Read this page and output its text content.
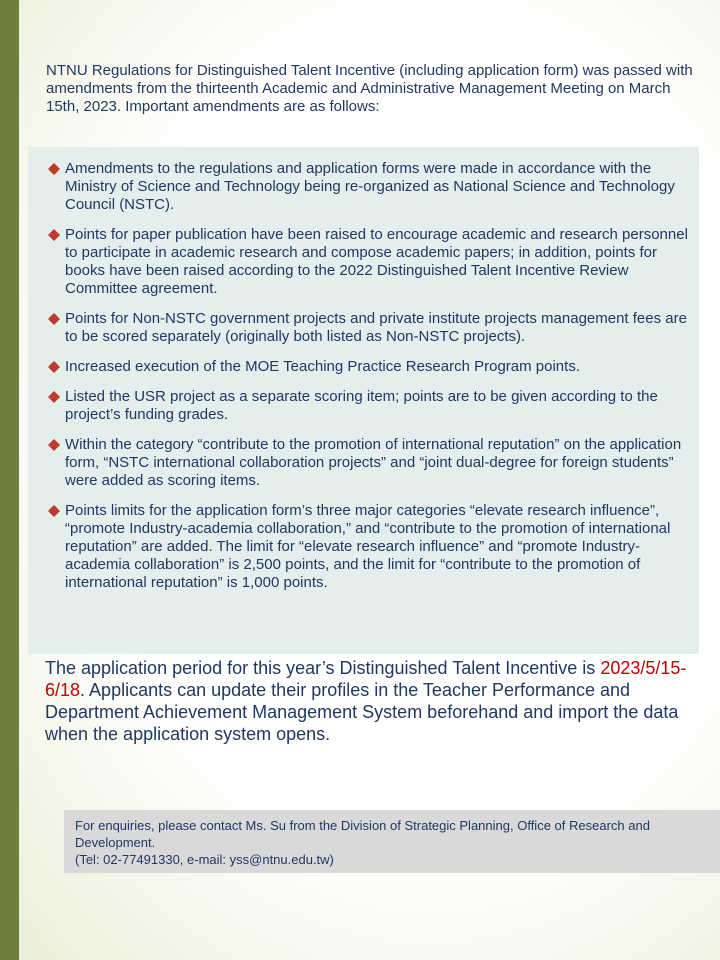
NTNU Regulations for Distinguished Talent Incentive (including application form) was passed with amendments from the thirteenth Academic and Administrative Management Meeting on March 15th, 2023. Important amendments are as follows:

Amendments to the regulations and application forms were made in accordance with the Ministry of Science and Technology being re-organized as National Science and Technology Council (NSTC).
Points for paper publication have been raised to encourage academic and research personnel to participate in academic research and compose academic papers; in addition, points for books have been raised according to the 2022 Distinguished Talent Incentive Review Committee agreement.
Points for Non-NSTC government projects and private institute projects management fees are to be scored separately (originally both listed as Non-NSTC projects).
Increased execution of the MOE Teaching Practice Research Program points.
Listed the USR project as a separate scoring item; points are to be given according to the project’s funding grades.
Within the category “contribute to the promotion of international reputation” on the application form, “NSTC international collaboration projects” and “joint dual-degree for foreign students” were added as scoring items.
Points limits for the application form’s three major categories “elevate research influence”, “promote Industry-academia collaboration,” and “contribute to the promotion of international reputation” are added. The limit for “elevate research influence” and “promote Industry-academia collaboration” is 2,500 points, and the limit for “contribute to the promotion of international reputation” is 1,000 points.

The application period for this year’s Distinguished Talent Incentive is 2023/5/15-6/18. Applicants can update their profiles in the Teacher Performance and Department Achievement Management System beforehand and import the data when the application system opens.

For enquiries, please contact Ms. Su from the Division of Strategic Planning, Office of Research and Development.
(Tel: 02-77491330, e-mail: yss@ntnu.edu.tw)
